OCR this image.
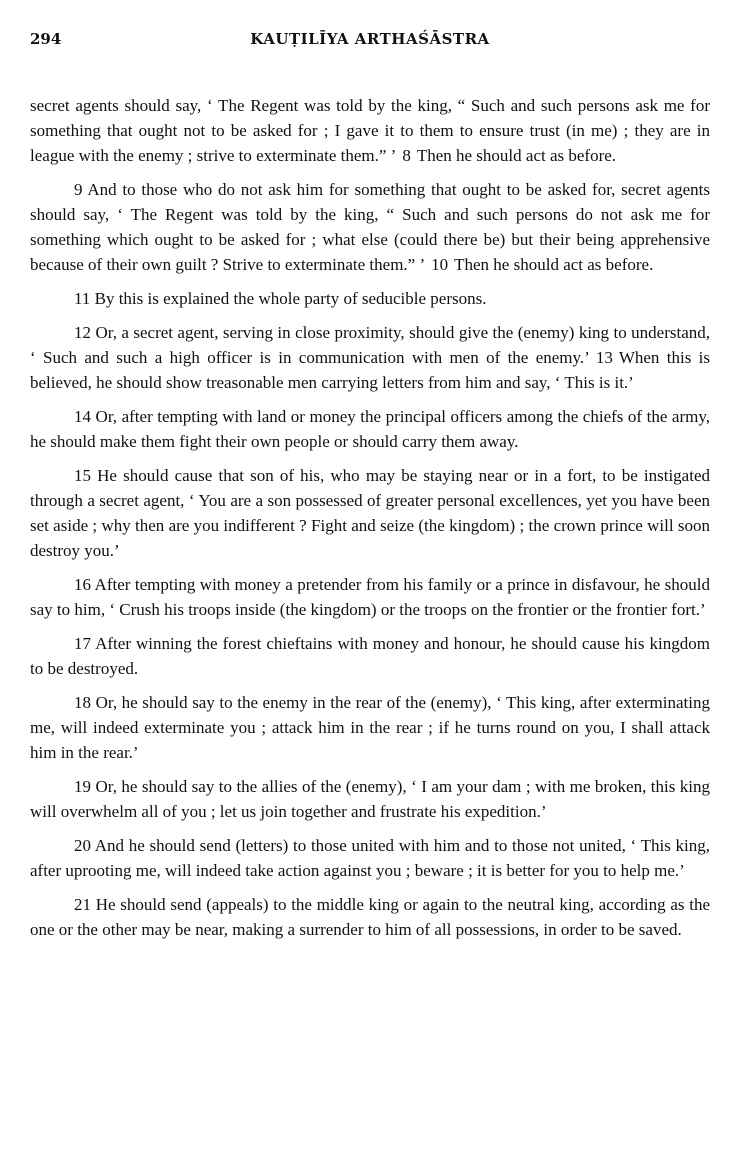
294	KAUṬILĪYA ARTHAŚĀSTRA

secret agents should say, ‘ The Regent was told by the king, “ Such and such persons ask me for something that ought not to be asked for ; I gave it to them to ensure trust (in me) ; they are in league with the enemy ; strive to exterminate them.” ’ 8 Then he should act as before.

9 And to those who do not ask him for something that ought to be asked for, secret agents should say, ‘ The Regent was told by the king, “ Such and such persons do not ask me for something which ought to be asked for ; what else (could there be) but their being apprehensive because of their own guilt ? Strive to exterminate them.” ’ 10 Then he should act as before.

11 By this is explained the whole party of seducible persons.

12 Or, a secret agent, serving in close proximity, should give the (enemy) king to understand, ‘ Such and such a high officer is in communication with men of the enemy.’ 13 When this is believed, he should show treasonable men carrying letters from him and say, ‘ This is it.’

14 Or, after tempting with land or money the principal officers among the chiefs of the army, he should make them fight their own people or should carry them away.

15 He should cause that son of his, who may be staying near or in a fort, to be instigated through a secret agent, ‘ You are a son possessed of greater personal excellences, yet you have been set aside ; why then are you indifferent ? Fight and seize (the kingdom) ; the crown prince will soon destroy you.’

16 After tempting with money a pretender from his family or a prince in disfavour, he should say to him, ‘ Crush his troops inside (the kingdom) or the troops on the frontier or the frontier fort.’

17 After winning the forest chieftains with money and honour, he should cause his kingdom to be destroyed.

18 Or, he should say to the enemy in the rear of the (enemy), ‘ This king, after exterminating me, will indeed exterminate you ; attack him in the rear ; if he turns round on you, I shall attack him in the rear.’

19 Or, he should say to the allies of the (enemy), ‘ I am your dam ; with me broken, this king will overwhelm all of you ; let us join together and frustrate his expedition.’

20 And he should send (letters) to those united with him and to those not united, ‘ This king, after uprooting me, will indeed take action against you ; beware ; it is better for you to help me.’

21 He should send (appeals) to the middle king or again to the neutral king, according as the one or the other may be near, making a surrender to him of all possessions, in order to be saved.
